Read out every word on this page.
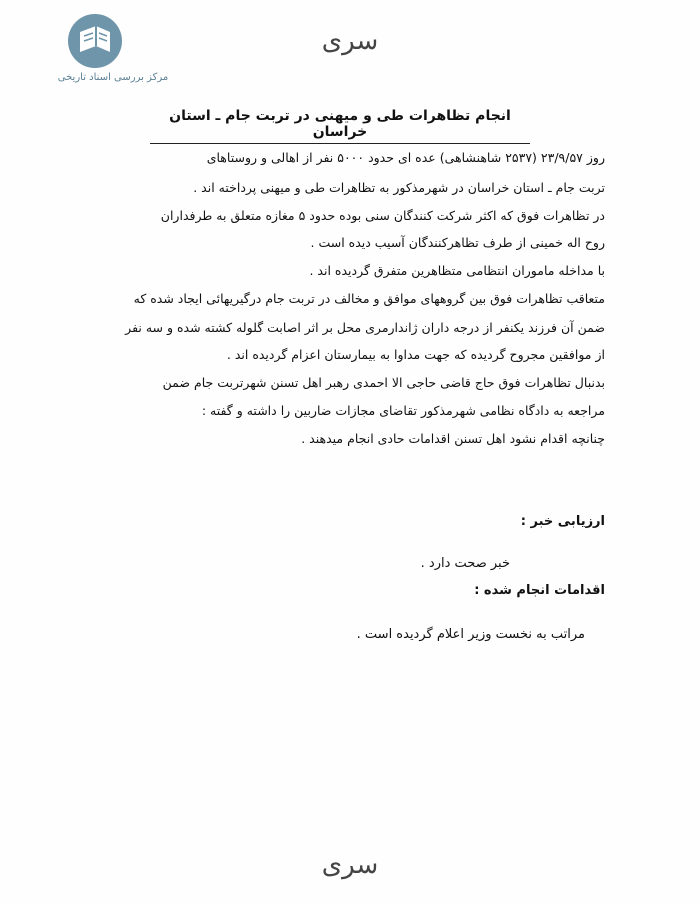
مرکز بررسی اسناد تاریخی
سری
انجام تظاهرات طی و میهنی در تربت جام ـ استان خراسان
روز ۲۳/۹/۵۷ (۲۵۳۷ شاهنشاهی) عده ای حدود ۵۰۰۰ نفر از اهالی و روستاهای
تربت جام ـ استان خراسان در شهرمذکور به تظاهرات طی و میهنی پرداخته اند .
در تظاهرات فوق که اکثر شرکت کنندگان سنی بوده حدود ۵ مغازه متعلق به طرفداران
روح اله خمینی از طرف تظاهرکنندگان آسیب دیده است .
با مداخله ماموران انتظامی متظاهرین متفرق گردیده اند .
متعاقب تظاهرات فوق بین گروههای موافق و مخالف در تربت جام درگیریهائی ایجاد شده که
ضمن آن فرزند یکنفر از درجه داران ژاندارمری محل بر اثر اصابت گلوله کشته شده و سه نفر
از موافقین مجروح گردیده که جهت مداوا به بیمارستان اعزام گردیده اند .
بدنبال تظاهرات فوق حاج قاضی حاجی الا احمدی رهبر اهل تسنن شهرتربت جام ضمن
مراجعه به دادگاه نظامی شهرمذکور تقاضای مجازات ضاربین را داشته و گفته :
چنانچه اقدام نشود اهل تسنن اقدامات حادی انجام میدهند .
ارزیابی خبر :
خبر صحت دارد .
اقدامات انجام شده :
مراتب به نخست وزیر اعلام گردیده است .
سری
